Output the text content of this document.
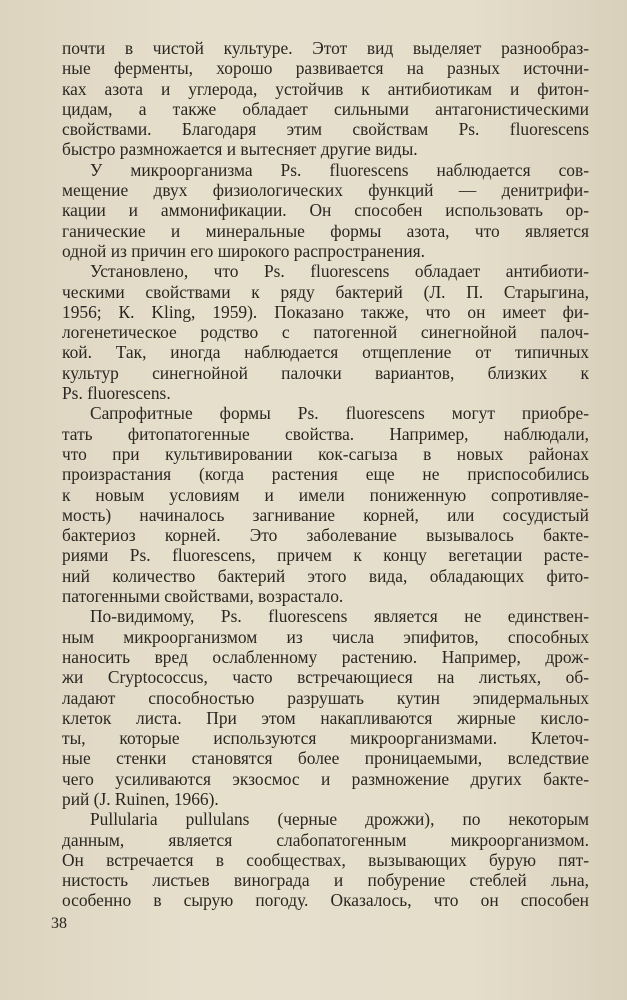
почти в чистой культуре. Этот вид выделяет разнообраз-
ные ферменты, хорошо развивается на разных источни-
ках азота и углерода, устойчив к антибиотикам и фитон-
цидам, а также обладает сильными антагонистическими
свойствами. Благодаря этим свойствам Ps. fluorescens
быстро размножается и вытесняет другие виды.
У микроорганизма Ps. fluorescens наблюдается сов-
мещение двух физиологических функций — денитрифи-
кации и аммонификации. Он способен использовать ор-
ганические и минеральные формы азота, что является
одной из причин его широкого распространения.
Установлено, что Ps. fluorescens обладает антибиоти-
ческими свойствами к ряду бактерий (Л. П. Старыгина,
1956; К. Kling, 1959). Показано также, что он имеет фи-
логенетическое родство с патогенной синегнойной палоч-
кой. Так, иногда наблюдается отщепление от типичных
культур синегнойной палочки вариантов, близких к
Ps. fluorescens.
Сапрофитные формы Ps. fluorescens могут приобре-
тать фитопатогенные свойства. Например, наблюдали,
что при культивировании кок-сагыза в новых районах
произрастания (когда растения еще не приспособились
к новым условиям и имели пониженную сопротивляе-
мость) начиналось загнивание корней, или сосудистый
бактериоз корней. Это заболевание вызывалось бакте-
риями Ps. fluorescens, причем к концу вегетации расте-
ний количество бактерий этого вида, обладающих фито-
патогенными свойствами, возрастало.
По-видимому, Ps. fluorescens является не единствен-
ным микроорганизмом из числа эпифитов, способных
наносить вред ослабленному растению. Например, дрож-
жи Cryptococcus, часто встречающиеся на листьях, об-
ладают способностью разрушать кутин эпидермальных
клеток листа. При этом накапливаются жирные кисло-
ты, которые используются микроорганизмами. Клеточ-
ные стенки становятся более проницаемыми, вследствие
чего усиливаются экзосмос и размножение других бакте-
рий (J. Ruinen, 1966).
Pullularia pullulans (черные дрожжи), по некоторым
данным, является слабопатогенным микроорганизмом.
Он встречается в сообществах, вызывающих бурую пят-
нистость листьев винограда и побурение стеблей льна,
особенно в сырую погоду. Оказалось, что он способен
38
